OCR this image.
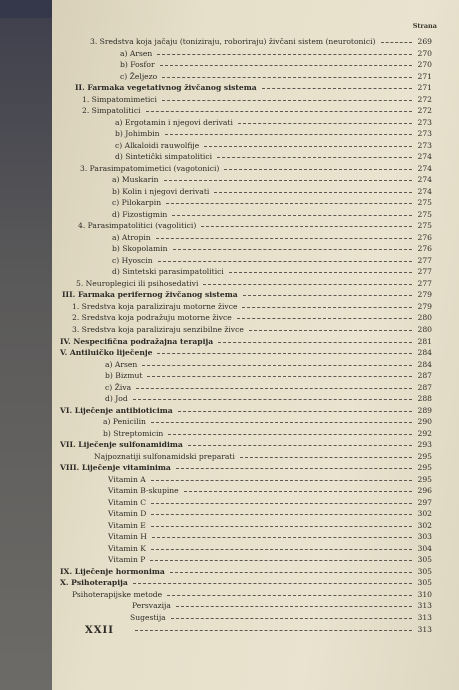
Strana
3. Sredstva koja jačaju (tonizirаju, roboriraju) živčani sistem (neurotonici)	269
a) Arsen	270
b) Fosfor	270
c) Željezo	271
II. Farmaka vegetativnog živčanog sistema	271
1. Simpatomimetici	272
2. Simpatolitici	272
a) Ergotamin i njegovi derivati	273
b) Johimbin	273
c) Alkaloidi rauwolfije	273
d) Sintetički simpatolitici	274
3. Parasimpatomimetici (vagotonici)	274
a) Muskarin	274
b) Kolin i njegovi derivati	274
c) Pilokarpin	275
d) Fizostigmin	275
4. Parasimpatolitici (vagolitici)	275
a) Atropin	276
b) Skopolamin	276
c) Hyoscin	277
d) Sintetski parasimpatolitici	277
5. Neuroplegici ili psihosedativi	277
III. Farmaka perifernog živčanog sistema	279
1. Sredstva koja paraliziraju motorne živce	279
2. Sredstva koja podražuju motorne živce	280
3. Sredstva koja paraliziraju senzibilne živce	280
IV. Nespecifična podražajna terapija	281
V. Antiluičko liječenje	284
a) Arsen	284
b) Bizmut	287
c) Živa	287
d) Jod	288
VI. Liječenje antibioticima	289
a) Penicilin	290
b) Streptomicin	292
VII. Liječenje sulfonamidima	293
Najpoznatiji sulfonamidski preparati	295
VIII. Liječenje vitaminima	295
Vitamin A	295
Vitamin B-skupine	296
Vitamin C	297
Vitamin D	302
Vitamin E	302
Vitamin H	303
Vitamin K	304
Vitamin P	305
IX. Liječenje hormonima	305
X. Psihoterapija	305
Psihoterapijske metode	310
Persvazija	313
Sugestija	313
313
XXII
